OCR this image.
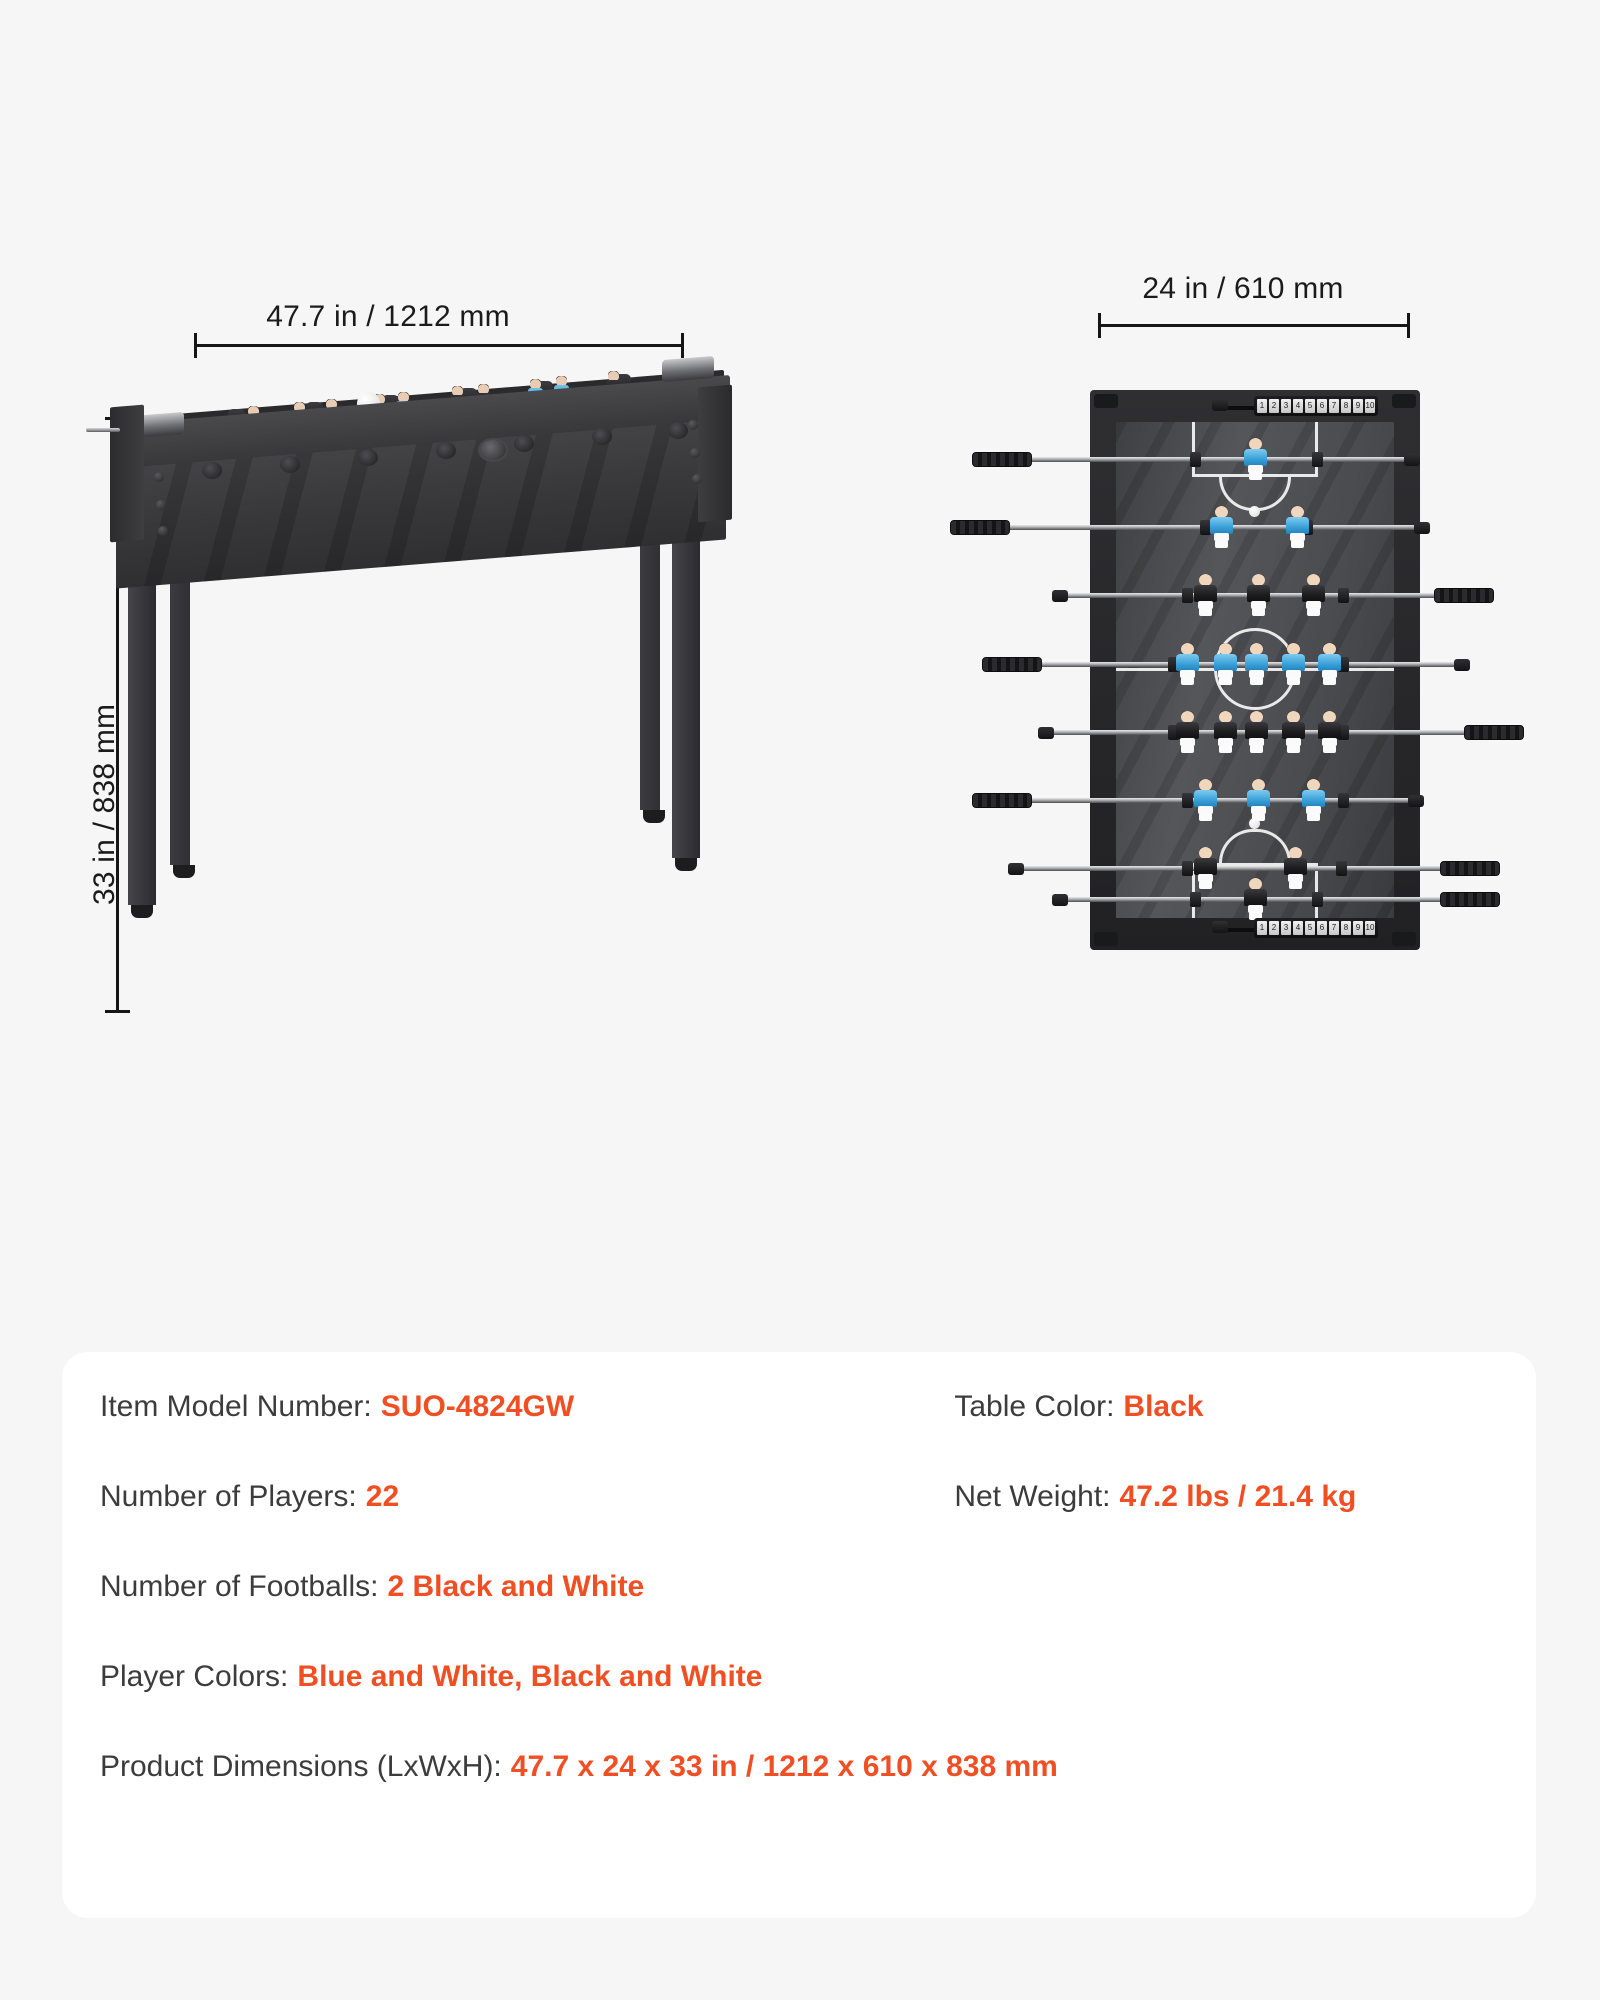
47.7 in / 1212 mm
33 in / 838 mm
24 in / 610 mm
1 2 3 4 5 6 7 8 9 10
1 2 3 4 5 6 7 8 9 10
Item Model Number: SUO-4824GW	Table Color: Black
Number of Players: 22	Net Weight: 47.2 lbs / 21.4 kg
Number of Footballs: 2 Black and White
Player Colors: Blue and White, Black and White
Product Dimensions (LxWxH): 47.7 x 24 x 33 in / 1212 x 610 x 838 mm
